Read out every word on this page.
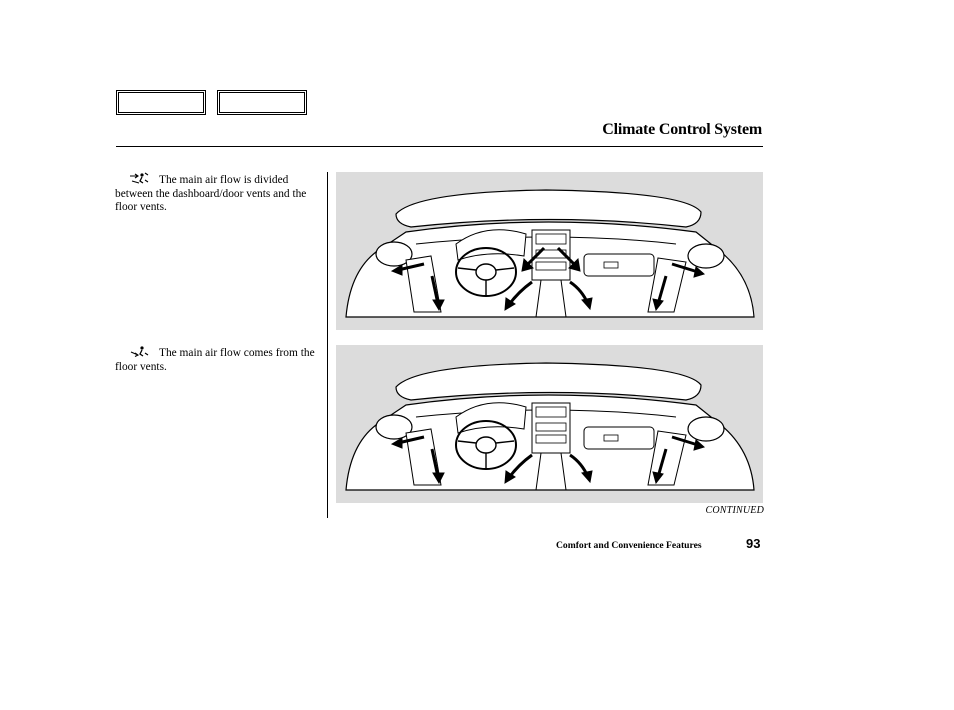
Climate Control System
The main air flow is divided between the dashboard/door vents and the floor vents.
The main air flow comes from the floor vents.
CONTINUED
Comfort and Convenience Features	93
